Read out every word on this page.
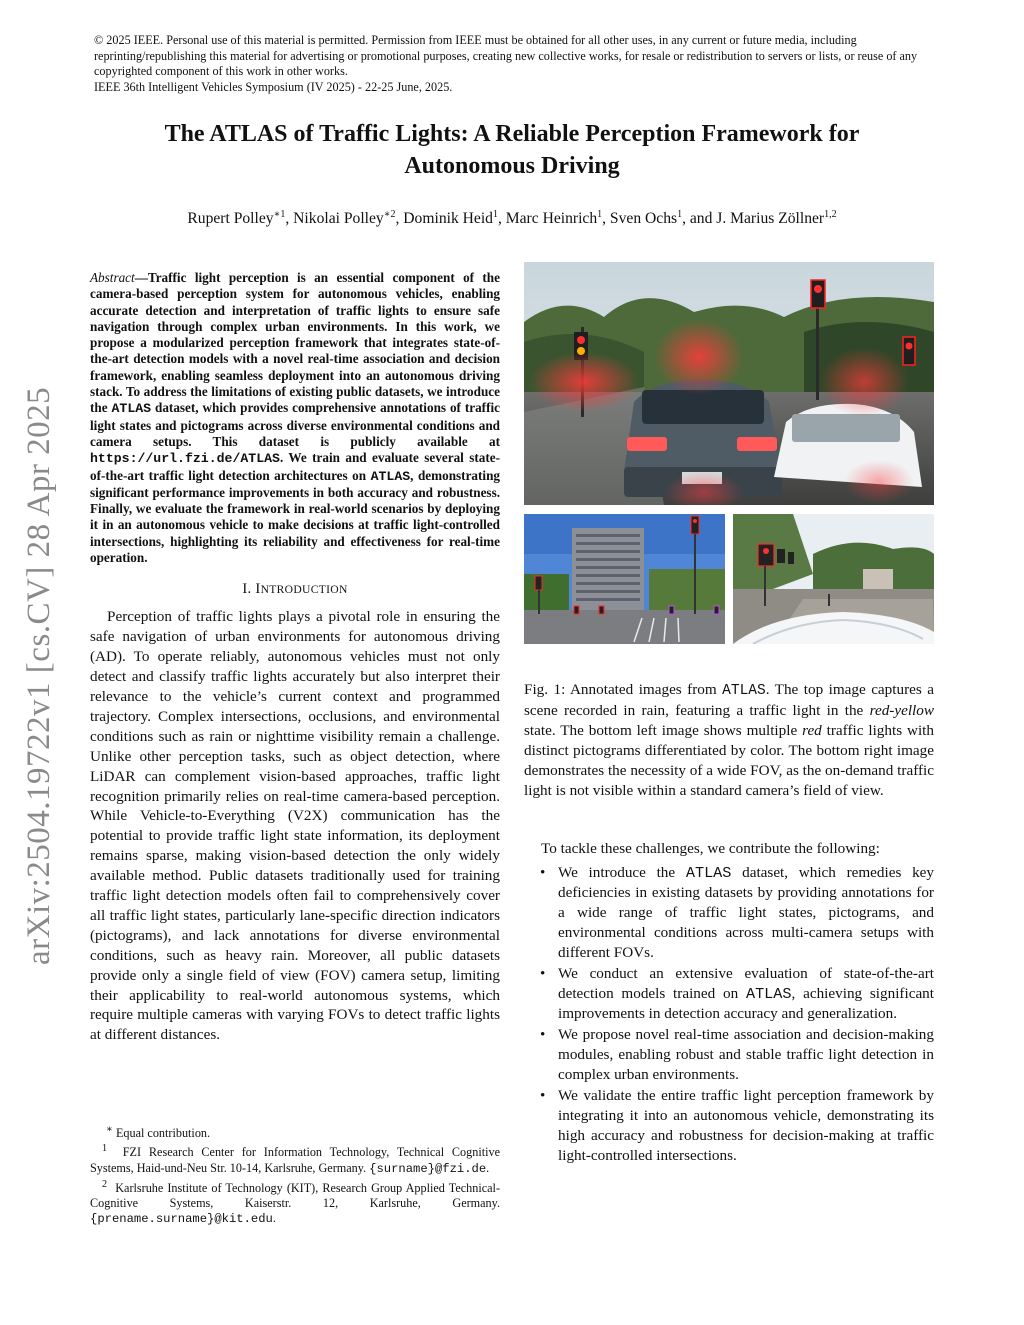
© 2025 IEEE. Personal use of this material is permitted. Permission from IEEE must be obtained for all other uses, in any current or future media, including reprinting/republishing this material for advertising or promotional purposes, creating new collective works, for resale or redistribution to servers or lists, or reuse of any copyrighted component of this work in other works.

IEEE 36th Intelligent Vehicles Symposium (IV 2025) - 22-25 June, 2025.

The ATLAS of Traffic Lights: A Reliable Perception Framework for
Autonomous Driving
Rupert Polley$^{∗1}$, Nikolai Polley$^{∗2}$, Dominik Heid$^1$, Marc Heinrich$^1$, Sven Ochs$^1$, and J. Marius Zöllner$^{1,2}$
arXiv:2504.19722v1 [cs.CV] 28 Apr 2025

Abstract—Traffic light perception is an essential component of the camera-based perception system for autonomous vehicles, enabling accurate detection and interpretation of traffic lights to ensure safe navigation through complex urban environments. In this work, we propose a modularized perception framework that integrates state-of-the-art detection models with a novel real-time association and decision framework, enabling seamless deployment into an autonomous driving stack. To address the limitations of existing public datasets, we introduce the ATLAS dataset, which provides comprehensive annotations of traffic light states and pictograms across diverse environmental conditions and camera setups. This dataset is publicly available at https://url.fzi.de/ATLAS. We train and evaluate several state-of-the-art traffic light detection architectures on ATLAS, demonstrating significant performance improvements in both accuracy and robustness. Finally, we evaluate the framework in real-world scenarios by deploying it in an autonomous vehicle to make decisions at traffic light-controlled intersections, highlighting its reliability and effectiveness for real-time operation.

I. INTRODUCTION

Perception of traffic lights plays a pivotal role in ensuring the safe navigation of urban environments for autonomous driving (AD). To operate reliably, autonomous vehicles must not only detect and classify traffic lights accurately but also interpret their relevance to the vehicle’s current context and programmed trajectory. Complex intersections, occlusions, and environmental conditions such as rain or nighttime visibility remain a challenge. Unlike other perception tasks, such as object detection, where LiDAR can complement vision-based approaches, traffic light recognition primarily relies on real-time camera-based perception. While Vehicle-to-Everything (V2X) communication has the potential to provide traffic light state information, its deployment remains sparse, making vision-based detection the only widely available method. Public datasets traditionally used for training traffic light detection models often fail to comprehensively cover all traffic light states, particularly lane-specific direction indicators (pictograms), and lack annotations for diverse environmental conditions, such as heavy rain. Moreover, all public datasets provide only a single field of view (FOV) camera setup, limiting their applicability to real-world autonomous systems, which require multiple cameras with varying FOVs to detect traffic lights at different distances.

∗ Equal contribution.

$^1$ FZI Research Center for Information Technology, Technical Cognitive Systems, Haid-und-Neu Str. 10-14, Karlsruhe, Germany. {surname}@fzi.de.

$^2$ Karlsruhe Institute of Technology (KIT), Research Group Applied Technical-Cognitive Systems, Kaiserstr. 12, Karlsruhe, Germany. {prename.surname}@kit.edu.

Fig. 1: Annotated images from ATLAS. The top image captures a scene recorded in rain, featuring a traffic light in the red-yellow state. The bottom left image shows multiple red traffic lights with distinct pictograms differentiated by color. The bottom right image demonstrates the necessity of a wide FOV, as the on-demand traffic light is not visible within a standard camera’s field of view.
To tackle these challenges, we contribute the following:
• We introduce the ATLAS dataset, which remedies key deficiencies in existing datasets by providing annotations for a wide range of traffic light states, pictograms, and environmental conditions across multi-camera setups with different FOVs.
• We conduct an extensive evaluation of state-of-the-art detection models trained on ATLAS, achieving significant improvements in detection accuracy and generalization.
• We propose novel real-time association and decision-making modules, enabling robust and stable traffic light detection in complex urban environments.
• We validate the entire traffic light perception framework by integrating it into an autonomous vehicle, demonstrating its high accuracy and robustness for decision-making at traffic light-controlled intersections.
